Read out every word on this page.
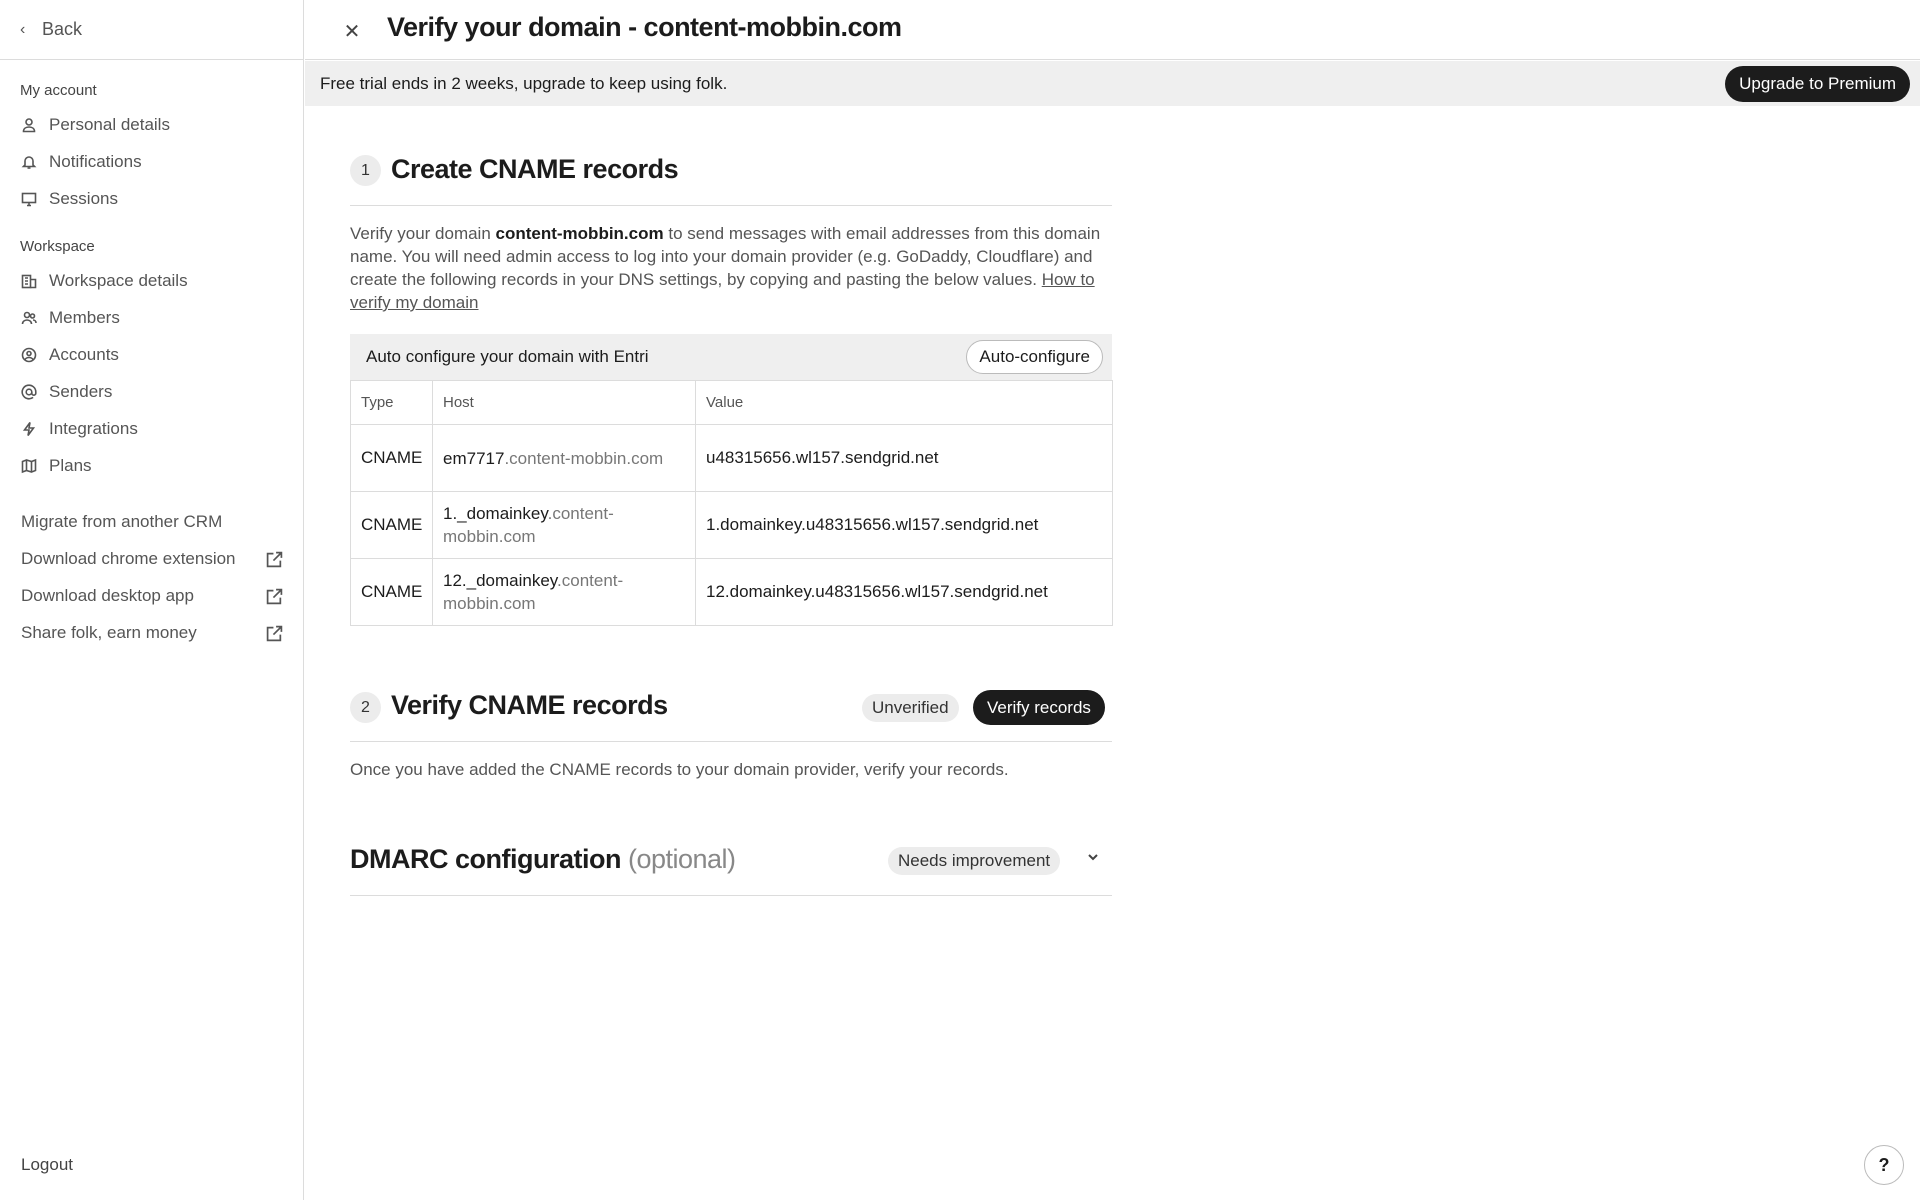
‹ Back
My account
Personal details
Notifications
Sessions
Workspace
Workspace details
Members
Accounts
Senders
Integrations
Plans
Migrate from another CRM
Download chrome extension
Download desktop app
Share folk, earn money
Logout
✕ Verify your domain - content-mobbin.com
Free trial ends in 2 weeks, upgrade to keep using folk.	Upgrade to Premium
1 Create CNAME records
Verify your domain content-mobbin.com to send messages with email addresses from this domain name. You will need admin access to log into your domain provider (e.g. GoDaddy, Cloudflare) and create the following records in your DNS settings, by copying and pasting the below values. How to verify my domain
Auto configure your domain with Entri	Auto-configure
Type	Host	Value
CNAME	em7717.content-mobbin.com	u48315656.wl157.sendgrid.net
CNAME	1._domainkey.content-mobbin.com	1.domainkey.u48315656.wl157.sendgrid.net
CNAME	12._domainkey.content-mobbin.com	12.domainkey.u48315656.wl157.sendgrid.net
2 Verify CNAME records	Unverified	Verify records
Once you have added the CNAME records to your domain provider, verify your records.
DMARC configuration (optional)	Needs improvement
?
